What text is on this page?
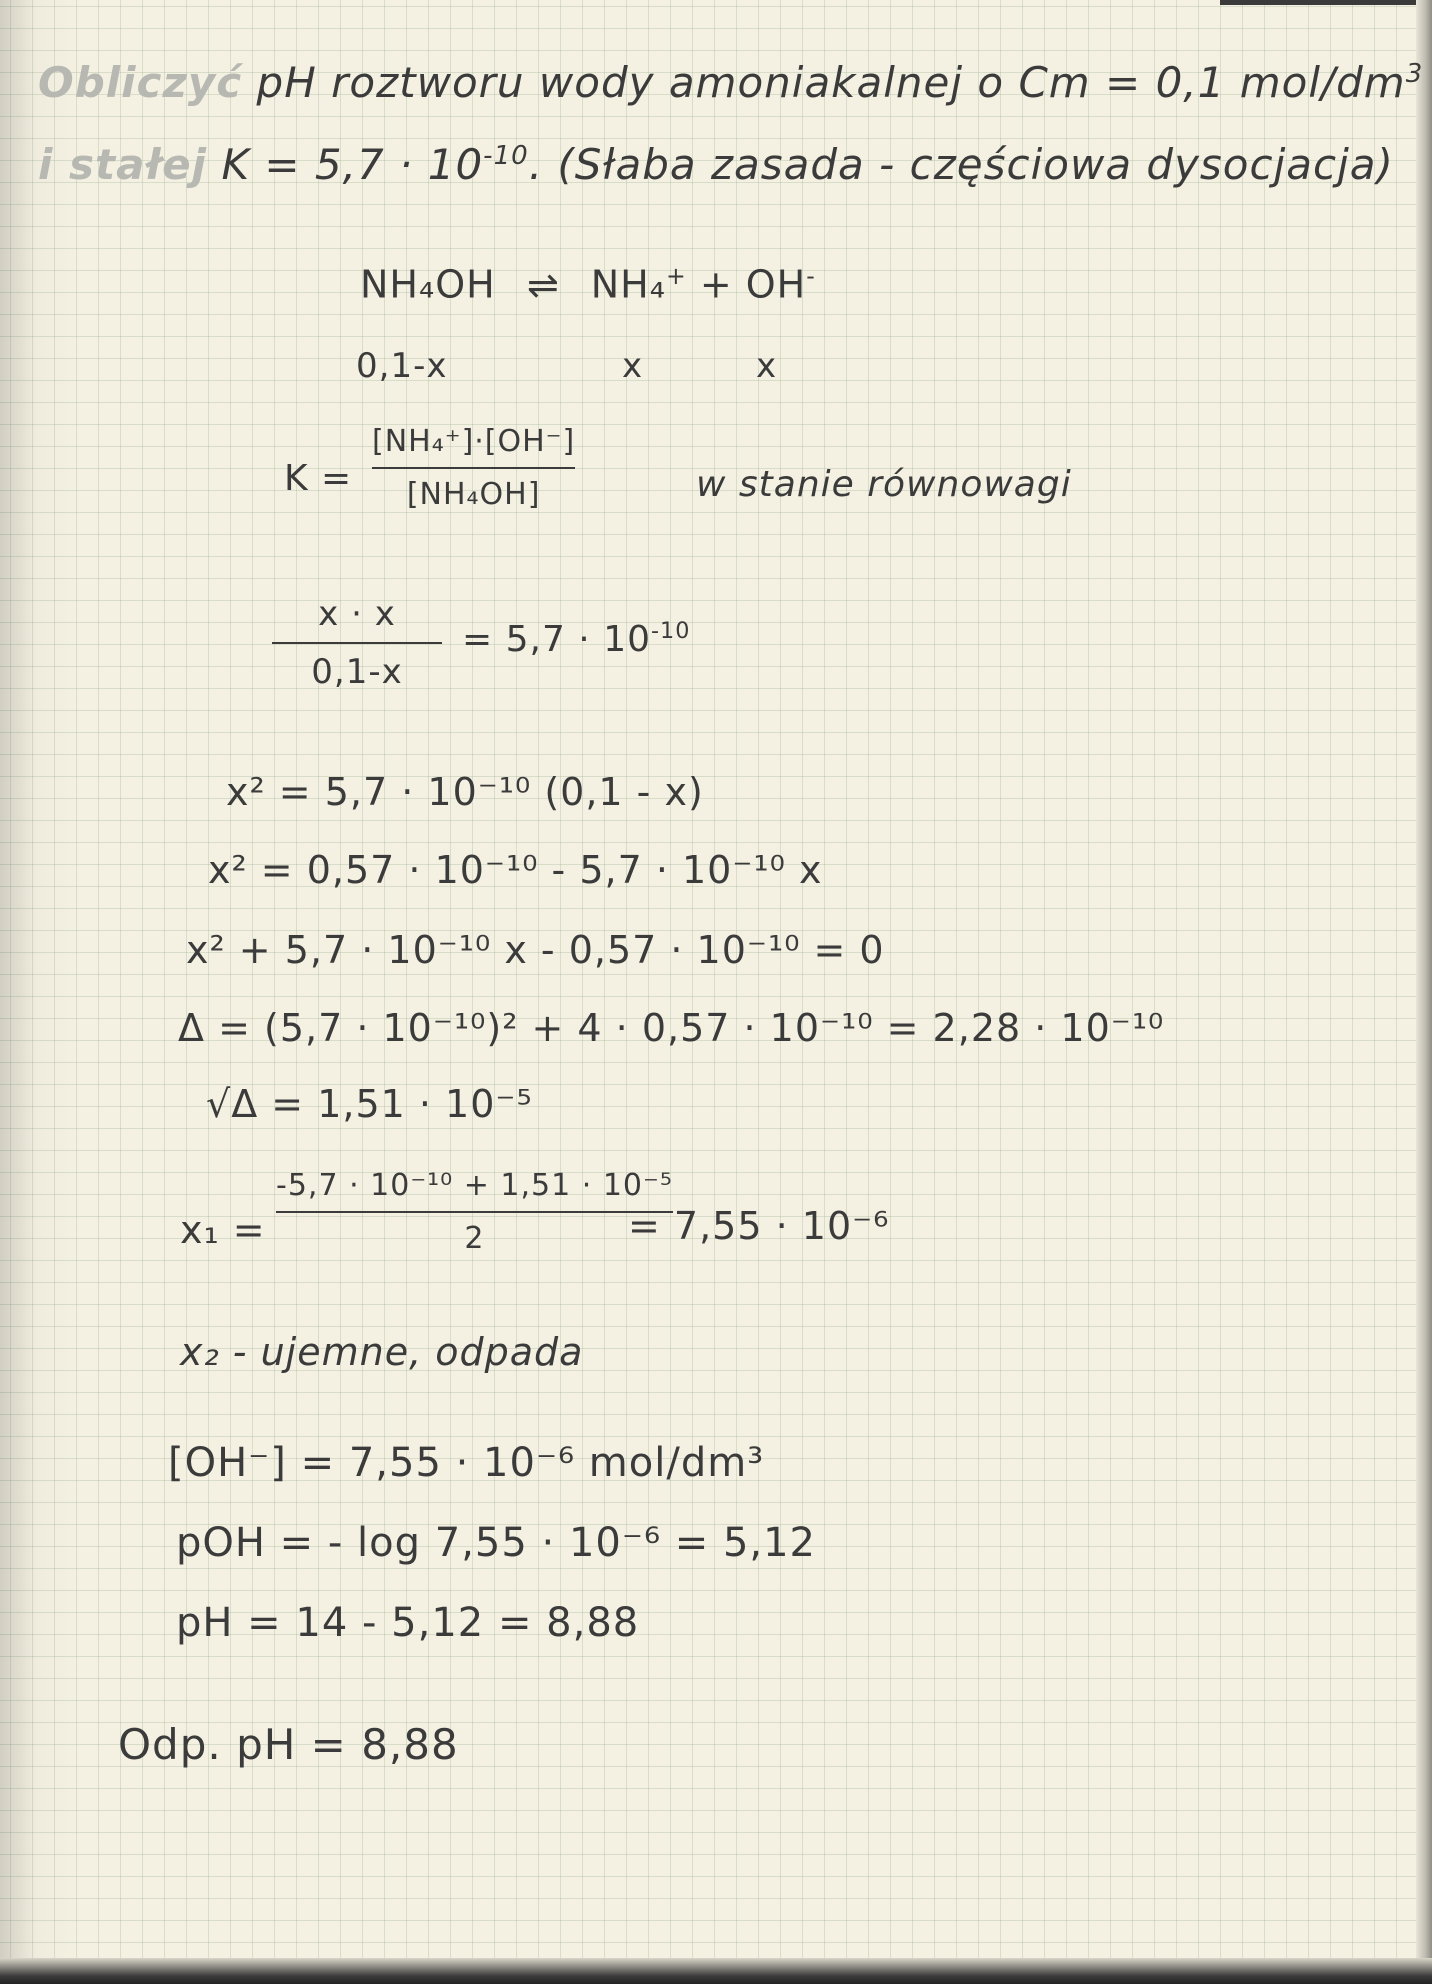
Obliczyć pH roztworu wody amoniakalnej o Cm = 0,1 mol/$dm^3$

i stałej $K = 5,7 \cdot 10^{-10}$. (Słaba zasada - częściowa dysocjacja)

NH₄OH ⇌ NH₄+ + OH-

0,1-x	x	x

K =

[NH₄⁺]·[OH⁻]
[NH₄OH]	w stanie równowagi

x · x
0,1-x

= $5,7 \cdot 10^{-10}$

x² = 5,7 · 10⁻¹⁰ (0,1 - x)

x² = 0,57 · 10⁻¹⁰ - 5,7 · 10⁻¹⁰ x

x² + 5,7 · 10⁻¹⁰ x - 0,57 · 10⁻¹⁰ = 0

Δ = (5,7 · 10⁻¹⁰)² + 4 · 0,57 · 10⁻¹⁰ = 2,28 · 10⁻¹⁰

√Δ = 1,51 · 10⁻⁵

x₁ =

-5,7 · 10⁻¹⁰ + 1,51 · 10⁻⁵
2	= 7,55 · 10⁻⁶

x₂ - ujemne, odpada

[OH⁻] = 7,55 · 10⁻⁶ mol/dm³

pOH = - log 7,55 · 10⁻⁶ = 5,12

pH = 14 - 5,12 = 8,88

Odp. pH = 8,88
